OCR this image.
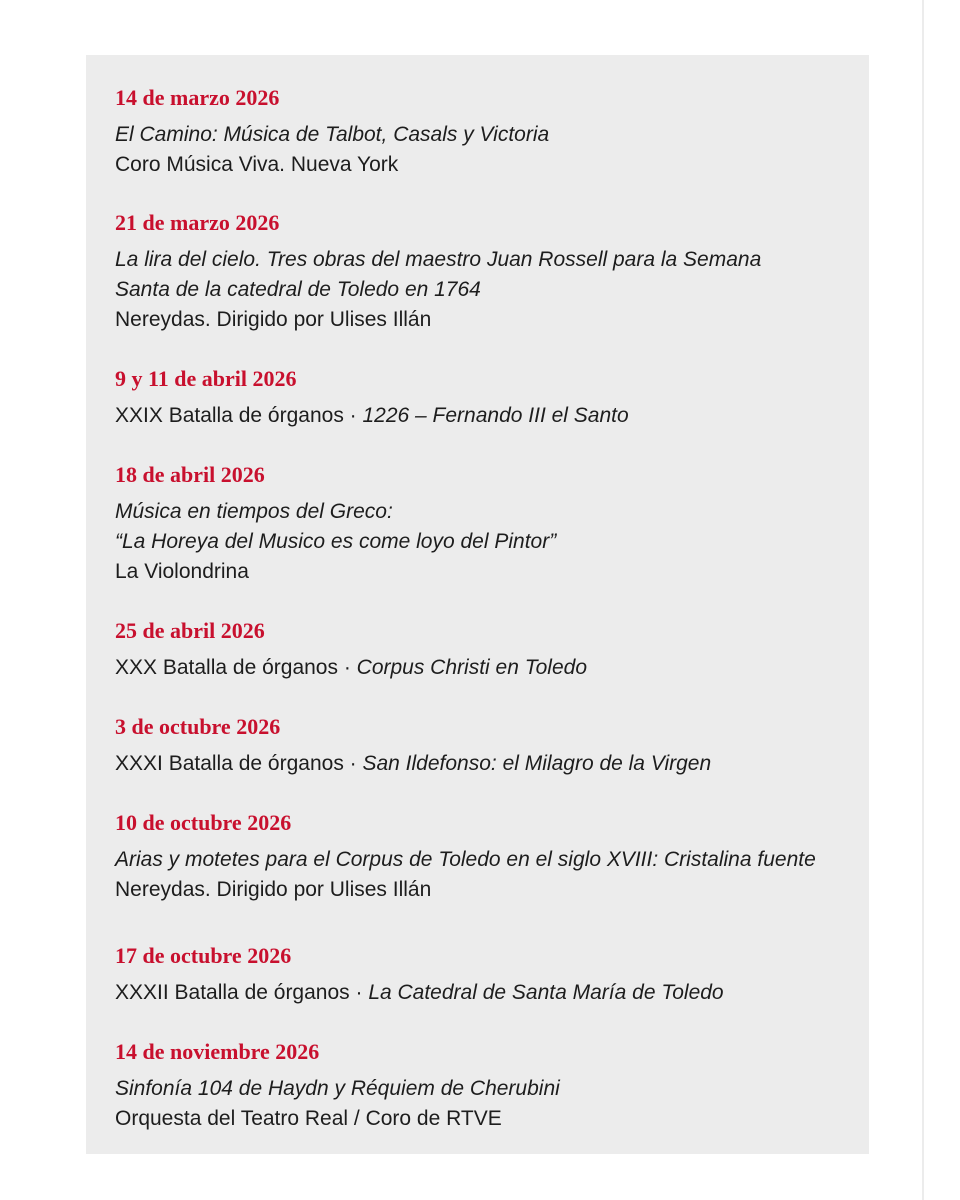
14 de marzo 2026
El Camino: Música de Talbot, Casals y Victoria
Coro Música Viva. Nueva York
21 de marzo 2026
La lira del cielo. Tres obras del maestro Juan Rossell para la Semana
Santa de la catedral de Toledo en 1764
Nereydas. Dirigido por Ulises Illán
9 y 11 de abril 2026
XXIX Batalla de órganos · 1226 – Fernando III el Santo
18 de abril 2026
Música en tiempos del Greco:
“La Horeya del Musico es come loyo del Pintor”
La Violondrina
25 de abril 2026
XXX Batalla de órganos · Corpus Christi en Toledo
3 de octubre 2026
XXXI Batalla de órganos · San Ildefonso: el Milagro de la Virgen
10 de octubre 2026
Arias y motetes para el Corpus de Toledo en el siglo XVIII: Cristalina fuente
Nereydas. Dirigido por Ulises Illán
17 de octubre 2026
XXXII Batalla de órganos · La Catedral de Santa María de Toledo
14 de noviembre 2026
Sinfonía 104 de Haydn y Réquiem de Cherubini
Orquesta del Teatro Real / Coro de RTVE
